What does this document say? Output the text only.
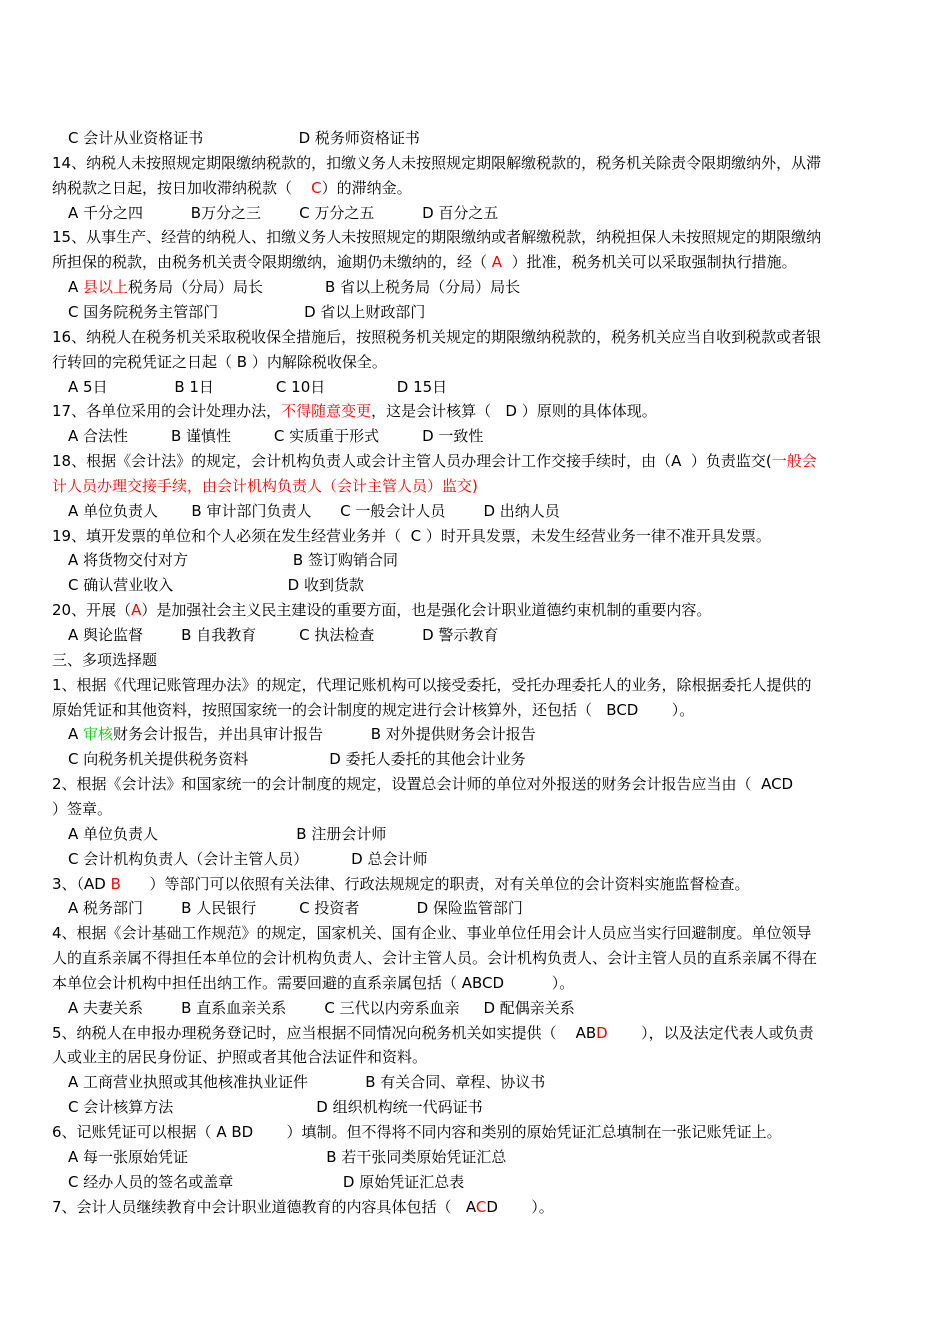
C 会计从业资格证书                    D 税务师资格证书
14、纳税人未按照规定期限缴纳税款的，扣缴义务人未按照规定期限解缴税款的，税务机关除责令限期缴纳外，从滞
纳税款之日起，按日加收滞纳税款（    C）的滞纳金。
A 千分之四          B万分之三        C 万分之五          D 百分之五
15、从事生产、经营的纳税人、扣缴义务人未按照规定的期限缴纳或者解缴税款，纳税担保人未按照规定的期限缴纳
所担保的税款，由税务机关责令限期缴纳，逾期仍未缴纳的，经（ A  ）批准，税务机关可以采取强制执行措施。
A 县以上税务局（分局）局长             B 省以上税务局（分局）局长
C 国务院税务主管部门                  D 省以上财政部门
16、纳税人在税务机关采取税收保全措施后，按照税务机关规定的期限缴纳税款的，税务机关应当自收到税款或者银
行转回的完税凭证之日起（ B ）内解除税收保全。
A 5日              B 1日             C 10日               D 15日
17、各单位采用的会计处理办法，不得随意变更，这是会计核算（   D ）原则的具体体现。
A 合法性         B 谨慎性         C 实质重于形式         D 一致性
18、根据《会计法》的规定，会计机构负责人或会计主管人员办理会计工作交接手续时，由（A  ）负责监交(一般会
计人员办理交接手续，由会计机构负责人（会计主管人员）监交)
A 单位负责人       B 审计部门负责人      C 一般会计人员        D 出纳人员
19、填开发票的单位和个人必须在发生经营业务并（  C ）时开具发票，未发生经营业务一律不准开具发票。
A 将货物交付对方                      B 签订购销合同
C 确认营业收入                        D 收到货款
20、开展（A）是加强社会主义民主建设的重要方面，也是强化会计职业道德约束机制的重要内容。
A 舆论监督        B 自我教育         C 执法检查          D 警示教育
三、多项选择题
1、根据《代理记账管理办法》的规定，代理记账机构可以接受委托，受托办理委托人的业务，除根据委托人提供的
原始凭证和其他资料，按照国家统一的会计制度的规定进行会计核算外，还包括（   BCD       ）。
A 审核财务会计报告，并出具审计报告          B 对外提供财务会计报告
C 向税务机关提供税务资料                 D 委托人委托的其他会计业务
2、根据《会计法》和国家统一的会计制度的规定，设置总会计师的单位对外报送的财务会计报告应当由（  ACD
）签章。
A 单位负责人                             B 注册会计师
C 会计机构负责人（会计主管人员）         D 总会计师
3、（AD B      ）等部门可以依照有关法律、行政法规规定的职责，对有关单位的会计资料实施监督检查。
A 税务部门        B 人民银行         C 投资者            D 保险监管部门
4、根据《会计基础工作规范》的规定，国家机关、国有企业、事业单位任用会计人员应当实行回避制度。单位领导
人的直系亲属不得担任本单位的会计机构负责人、会计主管人员。会计机构负责人、会计主管人员的直系亲属不得在
本单位会计机构中担任出纳工作。需要回避的直系亲属包括（ ABCD          ）。
A 夫妻关系        B 直系血亲关系        C 三代以内旁系血亲     D 配偶亲关系
5、纳税人在申报办理税务登记时，应当根据不同情况向税务机关如实提供（    ABD       ），以及法定代表人或负责
人或业主的居民身份证、护照或者其他合法证件和资料。
A 工商营业执照或其他核准执业证件            B 有关合同、章程、协议书
C 会计核算方法                              D 组织机构统一代码证书
6、记账凭证可以根据（ A BD       ）填制。但不得将不同内容和类别的原始凭证汇总填制在一张记账凭证上。
A 每一张原始凭证                             B 若干张同类原始凭证汇总
C 经办人员的签名或盖章                       D 原始凭证汇总表
7、会计人员继续教育中会计职业道德教育的内容具体包括（   ACD       ）。
